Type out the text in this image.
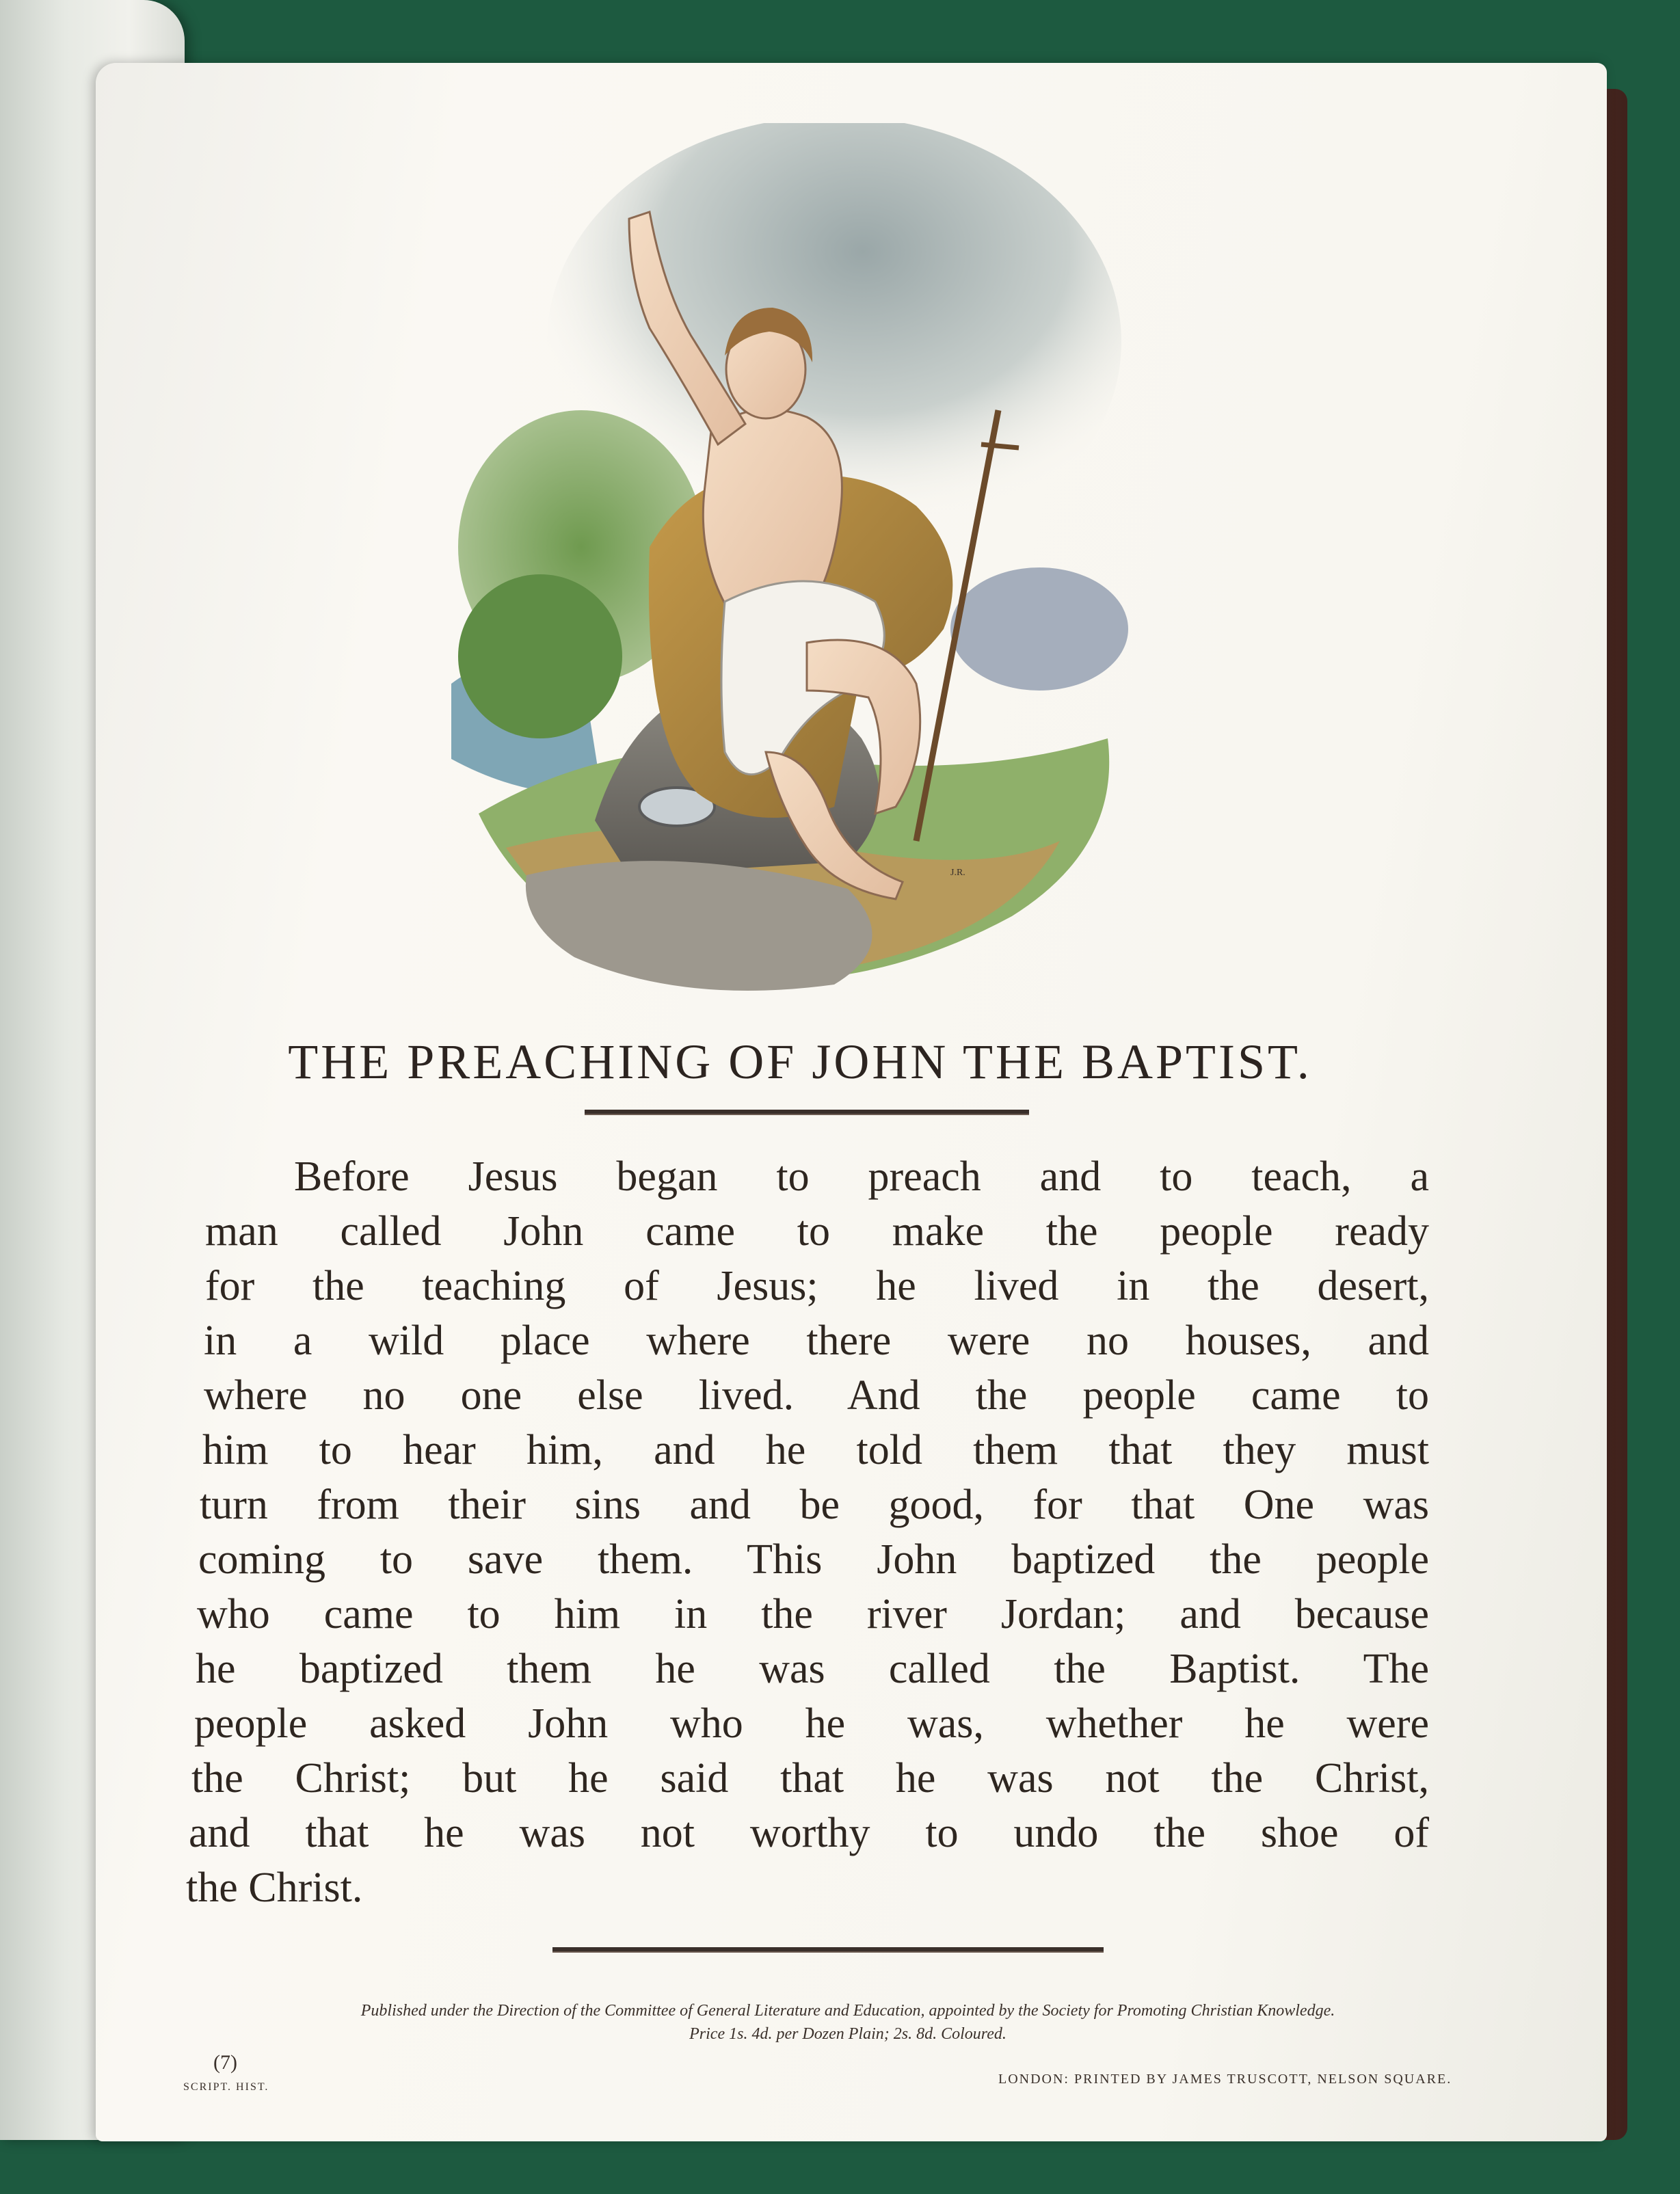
J.R.
THE PREACHING OF JOHN THE BAPTIST.
Before Jesus began to preach and to teach, a
man called John came to make the people ready
for the teaching of Jesus; he lived in the desert,
in a wild place where there were no houses, and
where no one else lived. And the people came to
him to hear him, and he told them that they must
turn from their sins and be good, for that One was
coming to save them. This John baptized the people
who came to him in the river Jordan; and because
he baptized them he was called the Baptist. The
people asked John who he was, whether he were
the Christ; but he said that he was not the Christ,
and that he was not worthy to undo the shoe of
the Christ.
Published under the Direction of the Committee of General Literature and Education, appointed by the Society for Promoting Christian Knowledge.
Price 1s. 4d. per Dozen Plain; 2s. 8d. Coloured.
(7)
SCRIPT. HIST.
LONDON: PRINTED BY JAMES TRUSCOTT, NELSON SQUARE.
